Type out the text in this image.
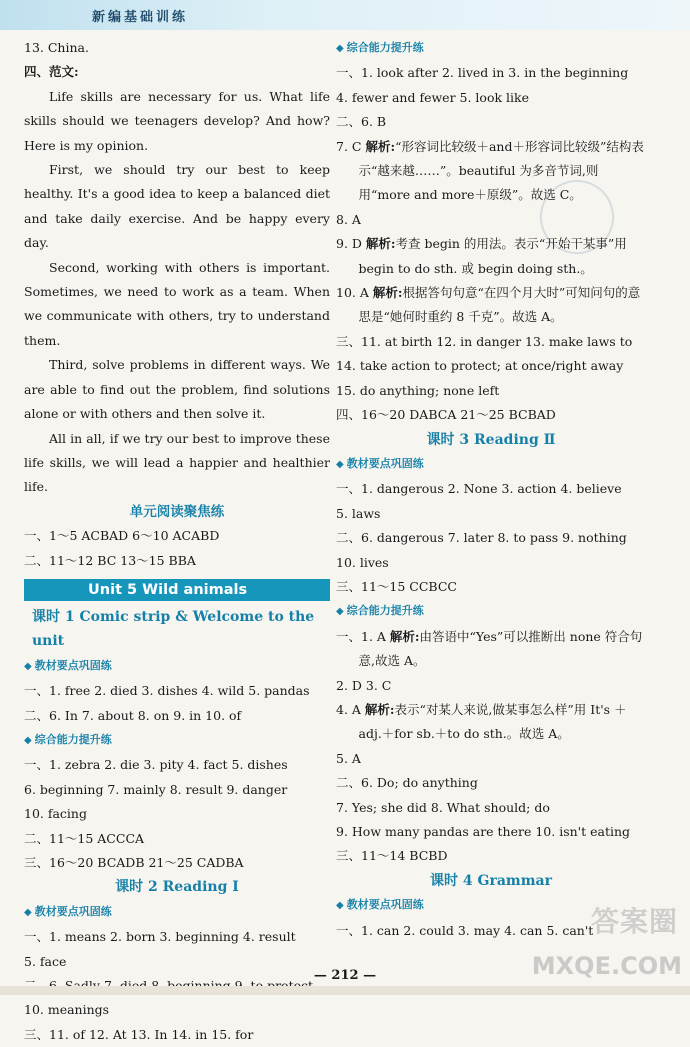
新编基础训练
13. China.
四、范文:

Life skills are necessary for us. What life skills should we teenagers develop? And how? Here is my opinion.

First, we should try our best to keep healthy. It's a good idea to keep a balanced diet and take daily exercise. And be happy every day.

Second, working with others is important. Sometimes, we need to work as a team. When we communicate with others, try to understand them.

Third, solve problems in different ways. We are able to find out the problem, find solutions alone or with others and then solve it.

All in all, if we try our best to improve these life skills, we will lead a happier and healthier life.

单元阅读聚焦练
一、1～5 ACBAD 6～10 ACABD
二、11～12 BC 13～15 BBA
Unit 5 Wild animals
课时 1 Comic strip & Welcome to the unit
◆ 教材要点巩固练
一、1. free 2. died 3. dishes 4. wild 5. pandas
二、6. In 7. about 8. on 9. in 10. of
◆ 综合能力提升练
一、1. zebra 2. die 3. pity 4. fact 5. dishes
6. beginning 7. mainly 8. result 9. danger
10. facing
二、11～15 ACCCA
三、16～20 BCADB 21～25 CADBA
课时 2 Reading Ⅰ
◆ 教材要点巩固练
一、1. means 2. born 3. beginning 4. result
5. face
10. meanings
三、11. of 12. At 13. In 14. in 15. for
◆ 综合能力提升练
一、1. look after 2. lived in 3. in the beginning
4. fewer and fewer 5. look like
二、6. B
7. C 解析:“形容词比较级＋and＋形容词比较级”结构表示“越来越……”。beautiful 为多音节词,则用“more and more＋原级”。故选 C。
8. A
9. D 解析:考查 begin 的用法。表示“开始干某事”用 begin to do sth. 或 begin doing sth.。
10. A 解析:根据答句句意“在四个月大时”可知问句的意思是“她何时重约 8 千克”。故选 A。
三、11. at birth 12. in danger 13. make laws to
14. take action to protect; at once/right away
15. do anything; none left
四、16～20 DABCA 21～25 BCBAD
课时 3 Reading Ⅱ
◆ 教材要点巩固练
一、1. dangerous 2. None 3. action 4. believe
5. laws
二、6. dangerous 7. later 8. to pass 9. nothing
10. lives
三、11～15 CCBCC
◆ 综合能力提升练
一、1. A 解析:由答语中“Yes”可以推断出 none 符合句意,故选 A。
2. D 3. C
4. A 解析:表示“对某人来说,做某事怎么样”用 It's ＋adj.＋for sb.＋to do sth.。故选 A。
5. A
二、6. Do; do anything
7. Yes; she did 8. What should; do
9. How many pandas are there 10. isn't eating
三、11～14 BCBD
课时 4 Grammar
◆ 教材要点巩固练
一、1. can 2. could 3. may 4. can 5. can't
— 212 —
答案圈
MXQE.COM
